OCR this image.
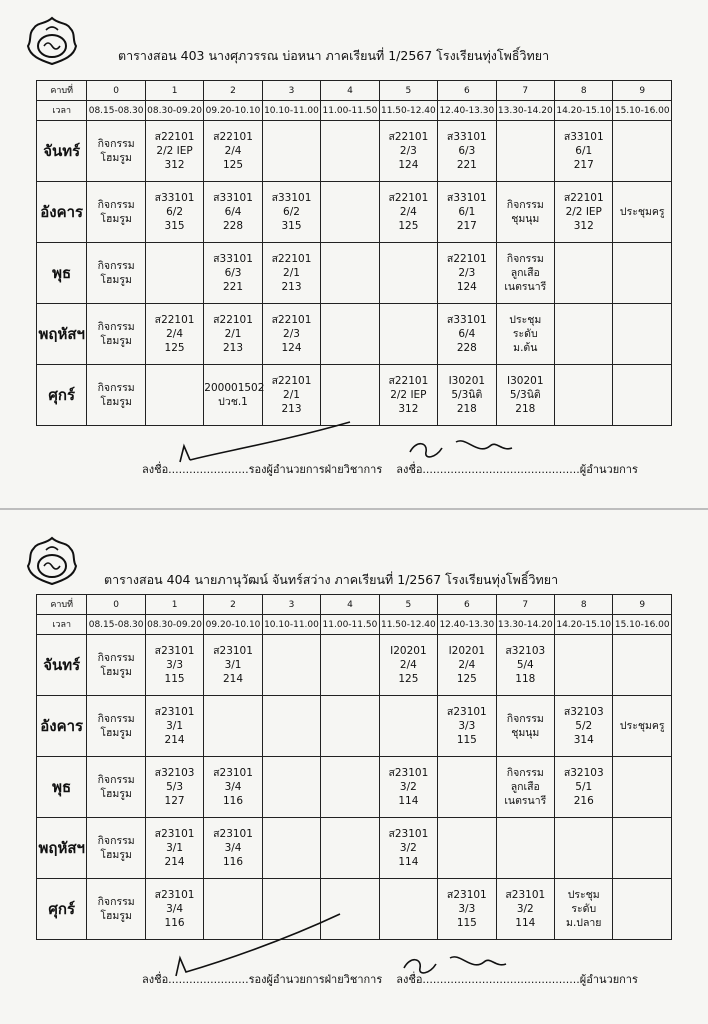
ตารางสอน 403 นางศุภวรรณ บ่อหนา ภาคเรียนที่ 1/2567 โรงเรียนทุ่งโพธิ์วิทยา
คาบที่	0	1	2	3	4	5	6	7	8	9
เวลา	08.15-08.30	08.30-09.20	09.20-10.10	10.10-11.00	11.00-11.50	11.50-12.40	12.40-13.30	13.30-14.20	14.20-15.10	15.10-16.00
จันทร์	กิจกรรม
โฮมรูม	ส22101
2/2 IEP
312	ส22101
2/4
125			ส22101
2/3
124	ส33101
6/3
221		ส33101
6/1
217	

อังคาร	กิจกรรม
โฮมรูม	ส33101
6/2
315	ส33101
6/4
228	ส33101
6/2
315		ส22101
2/4
125	ส33101
6/1
217	กิจกรรม
ชุมนุม	ส22101
2/2 IEP
312	ประชุมครู

พุธ	กิจกรรม
โฮมรูม		ส33101
6/3
221	ส22101
2/1
213			ส22101
2/3
124	กิจกรรม
ลูกเสือ
เนตรนารี		

พฤหัสฯ	กิจกรรม
โฮมรูม	ส22101
2/4
125	ส22101
2/1
213	ส22101
2/3
124			ส33101
6/4
228	ประชุม
ระดับ
ม.ต้น		

ศุกร์	กิจกรรม
โฮมรูม		200001502
ปวช.1	ส22101
2/1
213		ส22101
2/2 IEP
312	I30201
5/3นิติ
218	I30201
5/3นิติ
218		

ลงชื่อ.......................รองผู้อำนวยการฝ่ายวิชาการ ลงชื่อ.............................................ผู้อำนวยการ
ตารางสอน 404 นายภานุวัฒน์ จันทร์สว่าง ภาคเรียนที่ 1/2567 โรงเรียนทุ่งโพธิ์วิทยา
คาบที่	0	1	2	3	4	5	6	7	8	9
เวลา	08.15-08.30	08.30-09.20	09.20-10.10	10.10-11.00	11.00-11.50	11.50-12.40	12.40-13.30	13.30-14.20	14.20-15.10	15.10-16.00
จันทร์	กิจกรรม
โฮมรูม	ส23101
3/3
115	ส23101
3/1
214			I20201
2/4
125	I20201
2/4
125	ส32103
5/4
118		

อังคาร	กิจกรรม
โฮมรูม	ส23101
3/1
214					ส23101
3/3
115	กิจกรรม
ชุมนุม	ส32103
5/2
314	ประชุมครู

พุธ	กิจกรรม
โฮมรูม	ส32103
5/3
127	ส23101
3/4
116			ส23101
3/2
114		กิจกรรม
ลูกเสือ
เนตรนารี	ส32103
5/1
216	

พฤหัสฯ	กิจกรรม
โฮมรูม	ส23101
3/1
214	ส23101
3/4
116			ส23101
3/2
114				

ศุกร์	กิจกรรม
โฮมรูม	ส23101
3/4
116					ส23101
3/3
115	ส23101
3/2
114	ประชุม
ระดับ
ม.ปลาย	

ลงชื่อ.......................รองผู้อำนวยการฝ่ายวิชาการ ลงชื่อ.............................................ผู้อำนวยการ
